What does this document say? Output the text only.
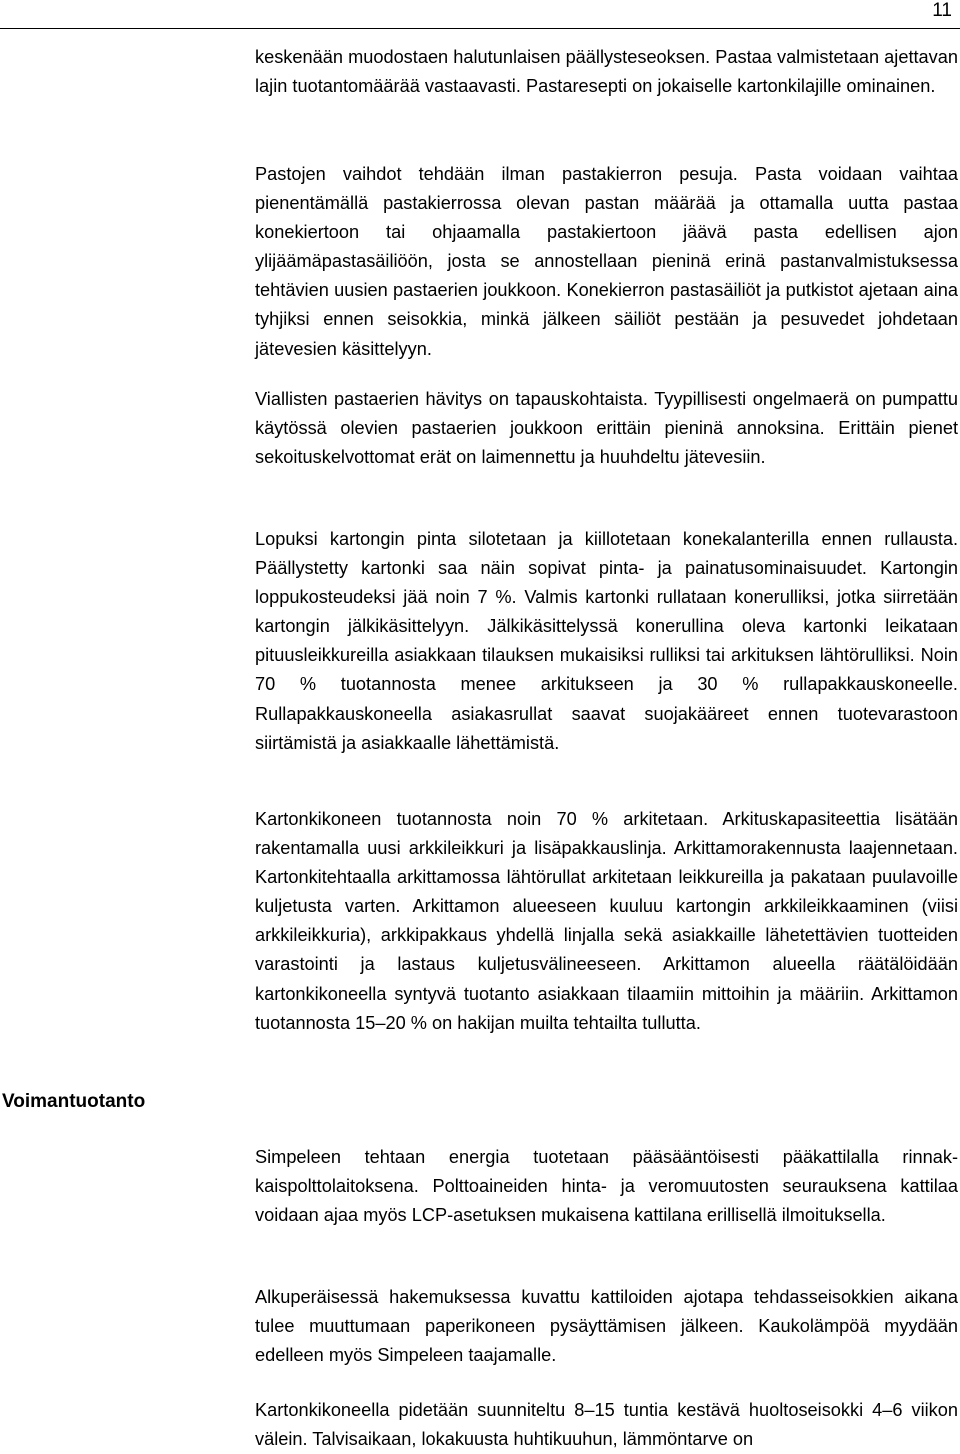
11

keskenään muodostaen halutunlaisen päällysteseoksen. Pastaa valmistetaan ajettavan lajin tuotantomäärää vastaavasti. Pastaresepti on jokaiselle kartonkilajille ominainen.

Pastojen vaihdot tehdään ilman pastakierron pesuja. Pasta voidaan vaihtaa pienentämällä pastakierrossa olevan pastan määrää ja ottamalla uutta pastaa konekiertoon tai ohjaamalla pastakiertoon jäävä pasta edellisen ajon ylijäämäpastasäiliöön, josta se annostellaan pieninä erinä pastanvalmistuksessa tehtävien uusien pastaerien joukkoon. Konekierron pastasäiliöt ja putkistot ajetaan aina tyhjiksi ennen seisokkia, minkä jälkeen säiliöt pestään ja pesuvedet johdetaan jätevesien käsittelyyn.

Viallisten pastaerien hävitys on tapauskohtaista. Tyypillisesti ongelmaerä on pumpattu käytössä olevien pastaerien joukkoon erittäin pieninä annoksina. Erittäin pienet sekoituskelvottomat erät on laimennettu ja huuhdeltu jätevesiin.

Lopuksi kartongin pinta silotetaan ja kiillotetaan konekalanterilla ennen rullausta. Päällystetty kartonki saa näin sopivat pinta- ja painatusominaisuudet. Kartongin loppukosteudeksi jää noin 7 %. Valmis kartonki rullataan konerulliksi, jotka siirretään kartongin jälkikäsittelyyn. Jälkikäsittelyssä konerullina oleva kartonki leikataan pituusleikkureilla asiakkaan tilauksen mukaisiksi rulliksi tai arkituksen lähtörulliksi. Noin 70 % tuotannosta menee arkitukseen ja 30 % rullapakkauskoneelle. Rullapakkauskoneella asiakasrullat saavat suojakääreet ennen tuotevarastoon siirtämistä ja asiakkaalle lähettämistä.

Kartonkikoneen tuotannosta noin 70 % arkitetaan. Arkituskapasiteettia lisätään rakentamalla uusi arkkileikkuri ja lisäpakkauslinja. Arkittamorakennusta laajennetaan. Kartonkitehtaalla arkittamossa lähtörullat arkitetaan leikkureilla ja pakataan puulavoille kuljetusta varten. Arkittamon alueeseen kuuluu kartongin arkkileikkaaminen (viisi arkkileikkuria), arkkipakkaus yhdellä linjalla sekä asiakkaille lähetettävien tuotteiden varastointi ja lastaus kuljetusvälineeseen. Arkittamon alueella räätälöidään kartonkikoneella syntyvä tuotanto asiakkaan tilaamiin mittoihin ja määriin. Arkittamon tuotannosta 15–20 % on hakijan muilta tehtailta tullutta.

Voimantuotanto

Simpeleen tehtaan energia tuotetaan pääsääntöisesti pääkattilalla rinnakkaispolttolaitoksena. Polttoaineiden hinta- ja veromuutosten seurauksena kattilaa voidaan ajaa myös LCP-asetuksen mukaisena kattilana erillisellä ilmoituksella.

Alkuperäisessä hakemuksessa kuvattu kattiloiden ajotapa tehdasseisokkien aikana tulee muuttumaan paperikoneen pysäyttämisen jälkeen. Kaukolämpöä myydään edelleen myös Simpeleen taajamalle.

Kartonkikoneella pidetään suunniteltu 8–15 tuntia kestävä huoltoseisokki 4–6 viikon välein. Talvisaikaan, lokakuusta huhtikuuhun, lämmöntarve on
